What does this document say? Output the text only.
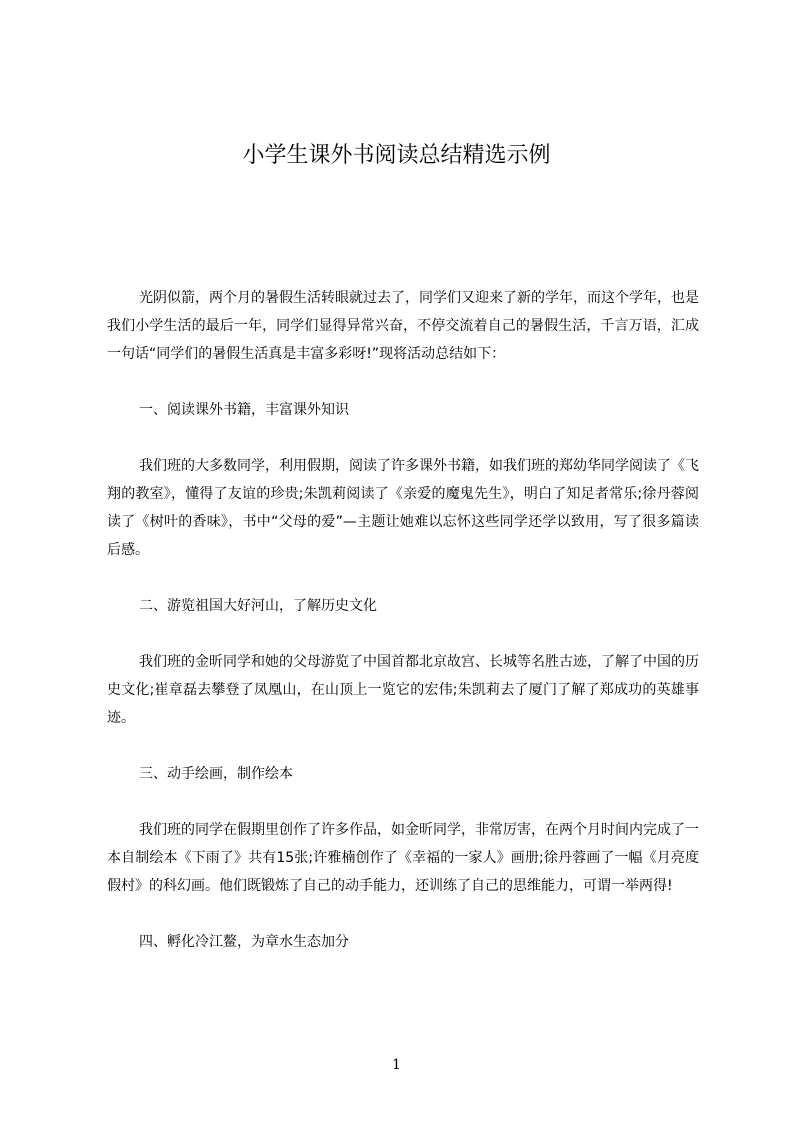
小学生课外书阅读总结精选示例

光阴似箭，两个月的暑假生活转眼就过去了，同学们又迎来了新的学年，而这个学年，也是我们小学生活的最后一年，同学们显得异常兴奋，不停交流着自己的暑假生活，千言万语，汇成一句话“同学们的暑假生活真是丰富多彩呀!”现将活动总结如下：

一、阅读课外书籍，丰富课外知识

我们班的大多数同学，利用假期，阅读了许多课外书籍，如我们班的郑幼华同学阅读了《飞翔的教室》，懂得了友谊的珍贵;朱凯莉阅读了《亲爱的魔鬼先生》，明白了知足者常乐;徐丹蓉阅读了《树叶的香味》，书中“父母的爱”—主题让她难以忘怀这些同学还学以致用，写了很多篇读后感。

二、游览祖国大好河山，了解历史文化

我们班的金昕同学和她的父母游览了中国首都北京故宫、长城等名胜古迹，了解了中国的历史文化;崔章磊去攀登了凤凰山，在山顶上一览它的宏伟;朱凯莉去了厦门了解了郑成功的英雄事迹。

三、动手绘画，制作绘本

我们班的同学在假期里创作了许多作品，如金昕同学，非常厉害，在两个月时间内完成了一本自制绘本《下雨了》共有15张;许雅楠创作了《幸福的一家人》画册;徐丹蓉画了一幅《月亮度假村》的科幻画。他们既锻炼了自己的动手能力，还训练了自己的思维能力，可谓一举两得!

四、孵化冷江鳌，为章水生态加分

1
